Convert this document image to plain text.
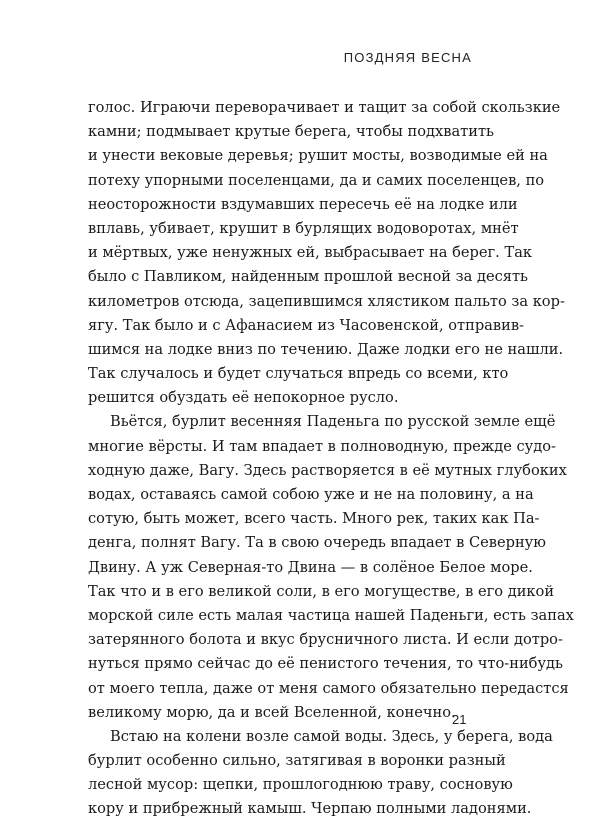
ПОЗДНЯЯ ВЕСНА
голос. Играючи переворачивает и тащит за собой скользкие
камни; подмывает крутые берега, чтобы подхватить
и унести вековые деревья; рушит мосты, возводимые ей на
потеху упорными поселенцами, да и самих поселенцев, по
неосторожности вздумавших пересечь её на лодке или
вплавь, убивает, крушит в бурлящих водоворотах, мнёт
и мёртвых, уже ненужных ей, выбрасывает на берег. Так
было с Павликом, найденным прошлой весной за десять
километров отсюда, зацепившимся хлястиком пальто за кор-
ягу. Так было и с Афанасием из Часовенской, отправив-
шимся на лодке вниз по течению. Даже лодки его не нашли.
Так случалось и будет случаться впредь со всеми, кто
решится обуздать её непокорное русло.
Вьётся, бурлит весенняя Паденьга по русской земле ещё
многие вёрсты. И там впадает в полноводную, прежде судо-
ходную даже, Вагу. Здесь растворяется в её мутных глубоких
водах, оставаясь самой собою уже и не на половину, а на
сотую, быть может, всего часть. Много рек, таких как Па-
денга, полнят Вагу. Та в свою очередь впадает в Северную
Двину. А уж Северная-то Двина — в солёное Белое море.
Так что и в его великой соли, в его могуществе, в его дикой
морской силе есть малая частица нашей Паденьги, есть запах
затерянного болота и вкус брусничного листа. И если дотро-
нуться прямо сейчас до её пенистого течения, то что-нибудь
от моего тепла, даже от меня самого обязательно передастся
великому морю, да и всей Вселенной, конечно.
Встаю на колени возле самой воды. Здесь, у берега, вода
бурлит особенно сильно, затягивая в воронки разный
лесной мусор: щепки, прошлогоднюю траву, сосновую
кору и прибрежный камыш. Черпаю полными ладонями.
21
